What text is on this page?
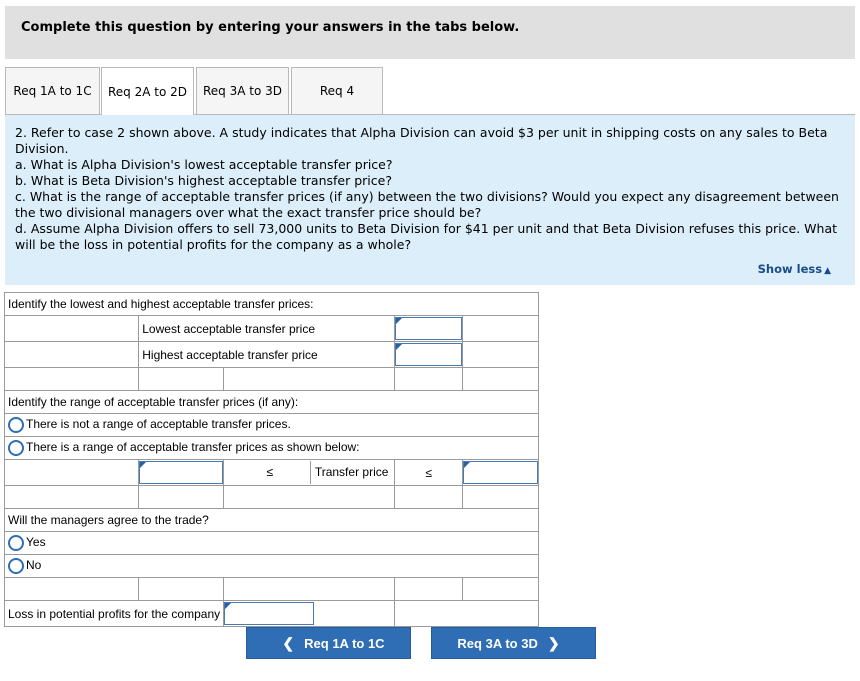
Complete this question by entering your answers in the tabs below.
Req 1A to 1C Req 2A to 2D Req 3A to 3D	Req 4
2. Refer to case 2 shown above. A study indicates that Alpha Division can avoid $3 per unit in shipping costs on any sales to Beta Division.
a. What is Alpha Division's lowest acceptable transfer price?
b. What is Beta Division's highest acceptable transfer price?
c. What is the range of acceptable transfer prices (if any) between the two divisions? Would you expect any disagreement between the two divisional managers over what the exact transfer price should be?
d. Assume Alpha Division offers to sell 73,000 units to Beta Division for $41 per unit and that Beta Division refuses this price. What will be the loss in potential profits for the company as a whole?
Show less ▲
Identify the lowest and highest acceptable transfer prices:				
	Lowest acceptable transfer price		

	Highest acceptable transfer price		

Identify the range of acceptable transfer prices (if any):				
There is not a range of acceptable transfer prices.				
There is a range of acceptable transfer prices as shown below:				

	≤ Transfer price	≤	

Will the managers agree to the trade?				
Yes				
No				

Loss in potential profits for the company			

❮ Req 1A to 1C	Req 3A to 3D ❯
